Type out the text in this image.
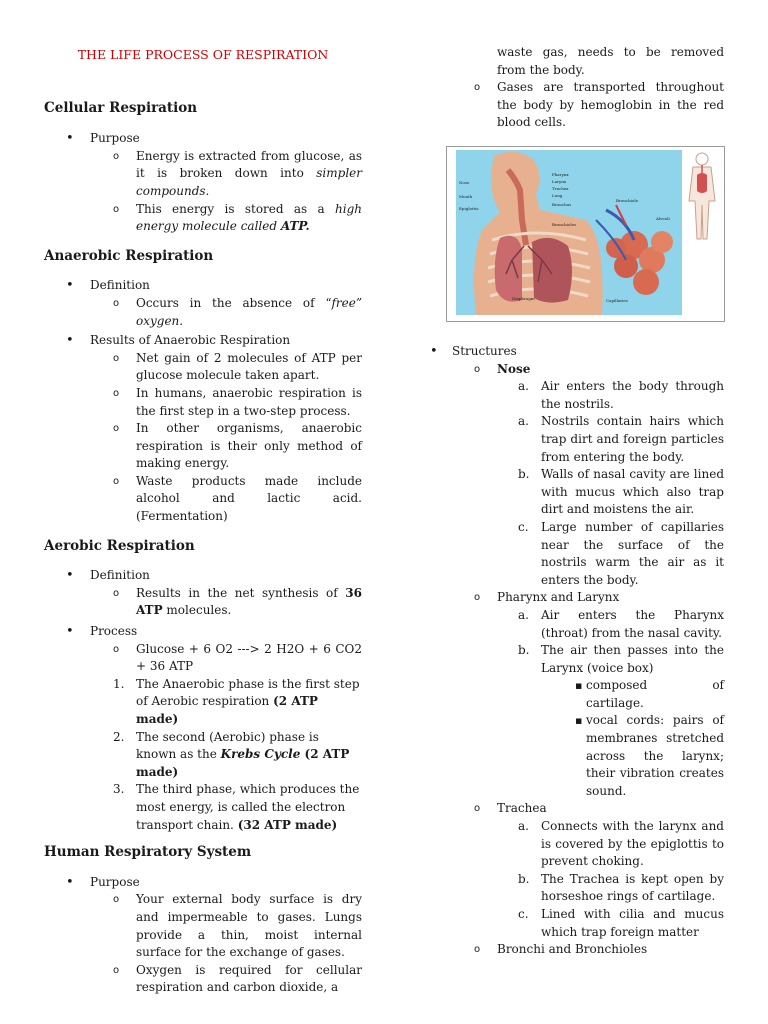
THE LIFE PROCESS OF RESPIRATION
Cellular Respiration
• Purpose
o Energy is extracted from glucose, as it is broken down into simpler compounds.
o This energy is stored as a high energy molecule called ATP.
Anaerobic Respiration
• Definition
o Occurs in the absence of “free” oxygen.
• Results of Anaerobic Respiration
o Net gain of 2 molecules of ATP per glucose molecule taken apart.
o In humans, anaerobic respiration is the first step in a two-step process.
o In other organisms, anaerobic respiration is their only method of making energy.
o Waste products made include alcohol and lactic acid. (Fermentation)
Aerobic Respiration
• Definition
o Results in the net synthesis of 36 ATP molecules.
• Process
o Glucose + 6 O2 ---> 2 H2O + 6 CO2 + 36 ATP
1. The Anaerobic phase is the first step of Aerobic respiration (2 ATP made)
2. The second (Aerobic) phase is known as the Krebs Cycle (2 ATP made)
3. The third phase, which produces the most energy, is called the electron transport chain. (32 ATP made)
Human Respiratory System
• Purpose
o Your external body surface is dry and impermeable to gases. Lungs provide a thin, moist internal surface for the exchange of gases.
o Oxygen is required for cellular respiration and carbon dioxide, a
waste gas, needs to be removed from the body.
o Gases are transported throughout the body by hemoglobin in the red blood cells.
Nose
Mouth
Epiglottis
Pharynx
Larynx
Trachea
Lung
Bronchus
Bronchioles
Bronchiole
Alveoli
Capillaries
Diaphragm
• Structures
o Nose
a. Air enters the body through the nostrils.
a. Nostrils contain hairs which trap dirt and foreign particles from entering the body.
b. Walls of nasal cavity are lined with mucus which also trap dirt and moistens the air.
c. Large number of capillaries near the surface of the nostrils warm the air as it enters the body.
o Pharynx and Larynx
a. Air enters the Pharynx (throat) from the nasal cavity.
b. The air then passes into the Larynx (voice box)
▪ composed of cartilage.
▪ vocal cords: pairs of membranes stretched across the larynx; their vibration creates sound.
o Trachea
a. Connects with the larynx and is covered by the epiglottis to prevent choking.
b. The Trachea is kept open by horseshoe rings of cartilage.
c. Lined with cilia and mucus which trap foreign matter
o Bronchi and Bronchioles
